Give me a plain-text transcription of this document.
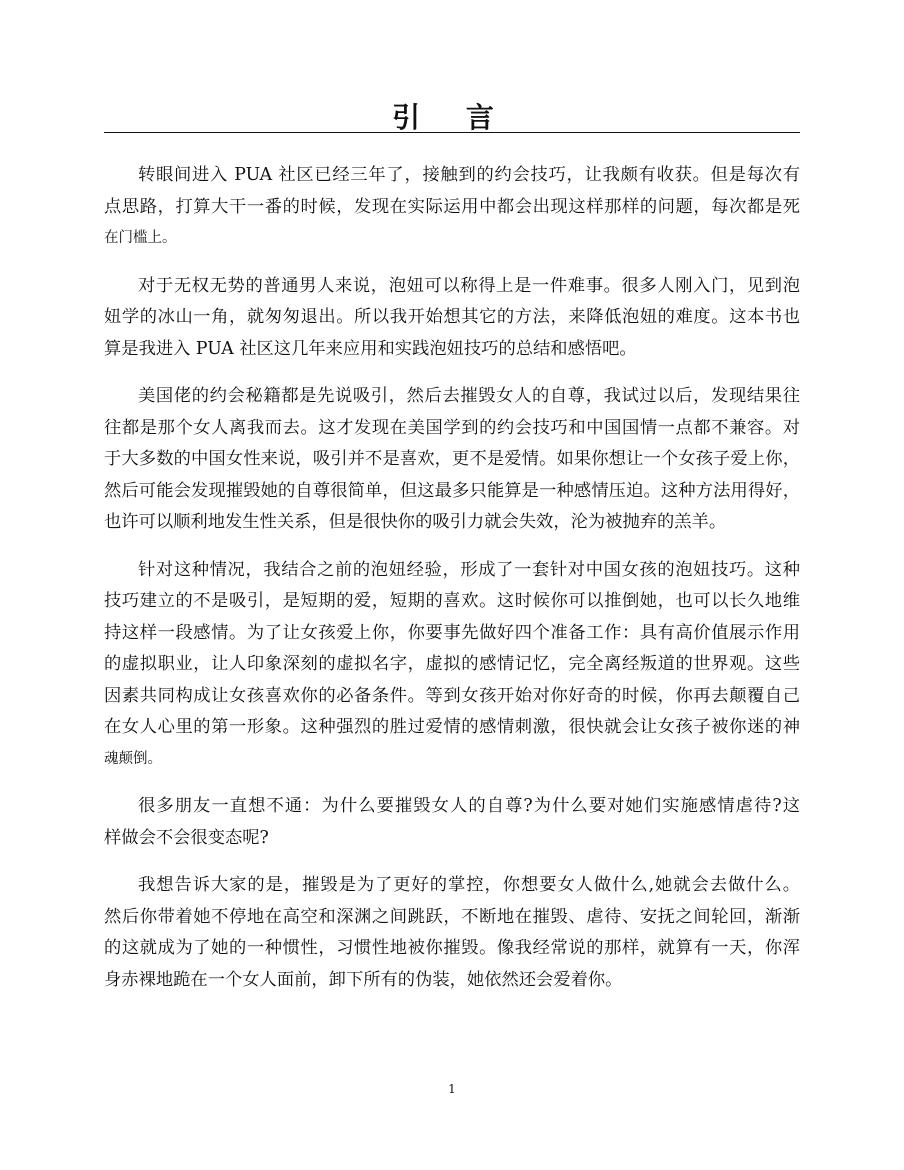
引 言
转眼间进入 PUA 社区已经三年了，接触到的约会技巧，让我颇有收获。但是每次有
点思路，打算大干一番的时候，发现在实际运用中都会出现这样那样的问题，每次都是死
在门槛上。
对于无权无势的普通男人来说，泡妞可以称得上是一件难事。很多人刚入门，见到泡
妞学的冰山一角，就匆匆退出。所以我开始想其它的方法，来降低泡妞的难度。这本书也
算是我进入 PUA 社区这几年来应用和实践泡妞技巧的总结和感悟吧。
美国佬的约会秘籍都是先说吸引，然后去摧毁女人的自尊，我试过以后，发现结果往
往都是那个女人离我而去。这才发现在美国学到的约会技巧和中国国情一点都不兼容。对
于大多数的中国女性来说，吸引并不是喜欢，更不是爱情。如果你想让一个女孩子爱上你，
然后可能会发现摧毁她的自尊很简单，但这最多只能算是一种感情压迫。这种方法用得好，
也许可以顺利地发生性关系，但是很快你的吸引力就会失效，沦为被抛弃的羔羊。
针对这种情况，我结合之前的泡妞经验，形成了一套针对中国女孩的泡妞技巧。这种
技巧建立的不是吸引，是短期的爱，短期的喜欢。这时候你可以推倒她，也可以长久地维
持这样一段感情。为了让女孩爱上你，你要事先做好四个准备工作：具有高价值展示作用
的虚拟职业，让人印象深刻的虚拟名字，虚拟的感情记忆，完全离经叛道的世界观。这些
因素共同构成让女孩喜欢你的必备条件。等到女孩开始对你好奇的时候，你再去颠覆自己
在女人心里的第一形象。这种强烈的胜过爱情的感情刺激，很快就会让女孩子被你迷的神
魂颠倒。
很多朋友一直想不通：为什么要摧毁女人的自尊?为什么要对她们实施感情虐待?这
样做会不会很变态呢?
我想告诉大家的是，摧毁是为了更好的掌控，你想要女人做什么,她就会去做什么。
然后你带着她不停地在高空和深渊之间跳跃，不断地在摧毁、虐待、安抚之间轮回，渐渐
的这就成为了她的一种惯性，习惯性地被你摧毁。像我经常说的那样，就算有一天，你浑
身赤裸地跪在一个女人面前，卸下所有的伪装，她依然还会爱着你。
1
